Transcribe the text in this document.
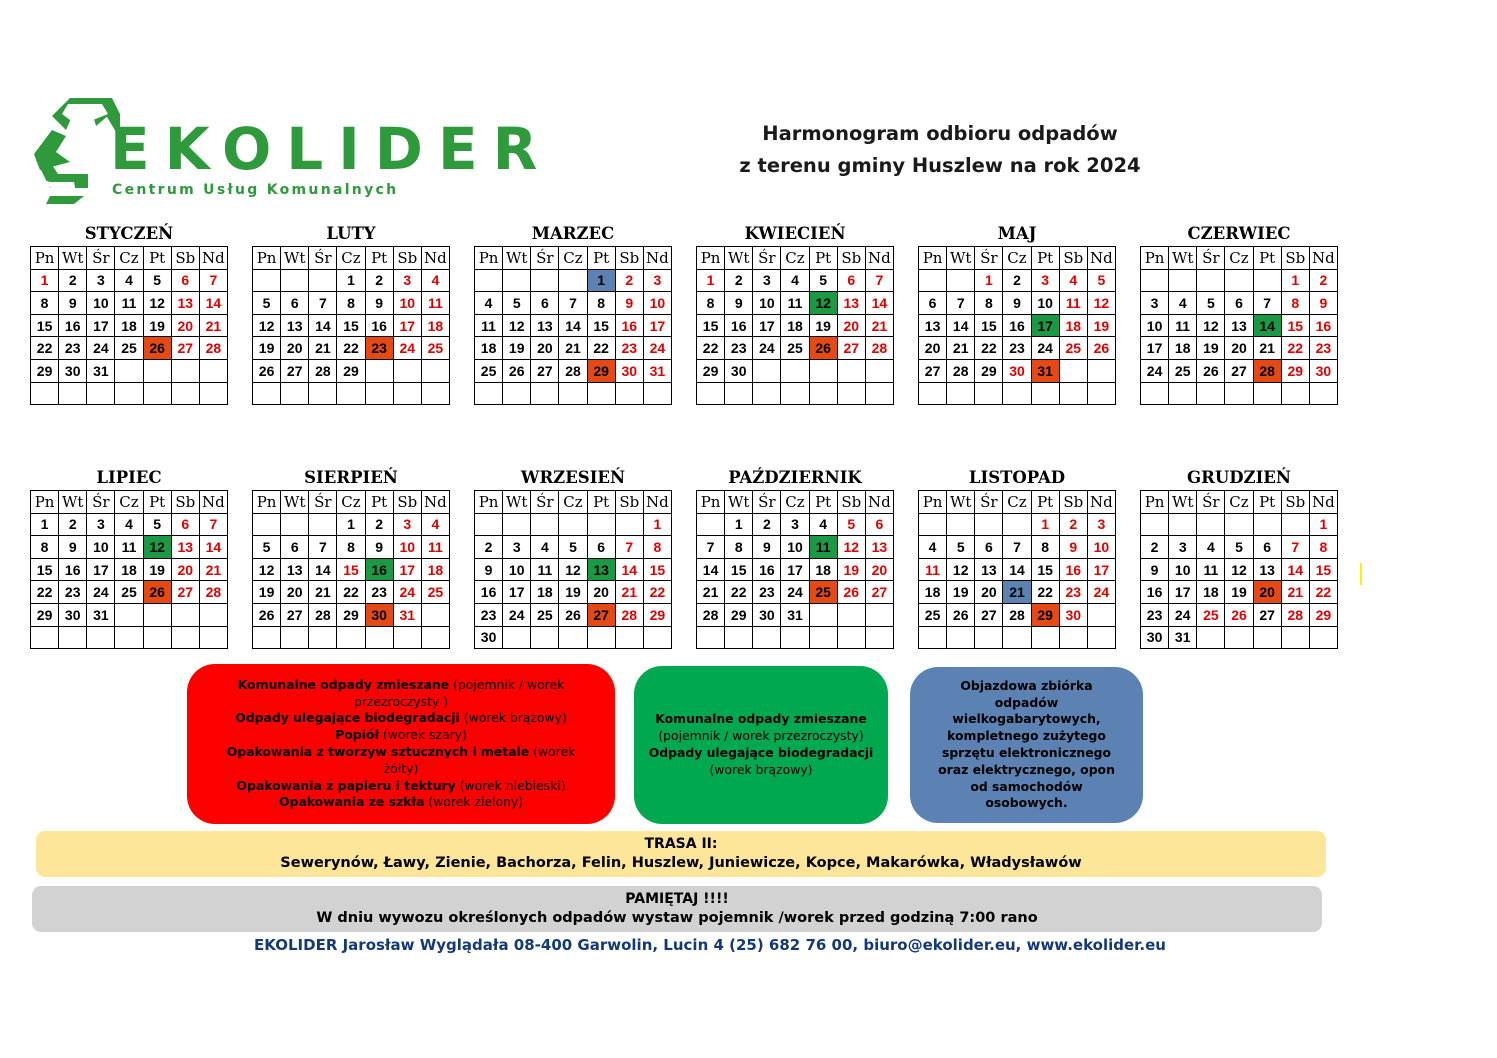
EKOLIDER
Centrum Usług Komunalnych
Harmonogram odbioru odpadów
z terenu gminy Huszlew na rok 2024
STYCZEŃ
Pn	Wt	Śr	Cz	Pt	Sb	Nd
1	2	3	4	5	6	7
8	9	10	11	12	13	14
15	16	17	18	19	20	21
22	23	24	25	26	27	28
29	30	31				

LUTY
Pn	Wt	Śr	Cz	Pt	Sb	Nd
			1	2	3	4
5	6	7	8	9	10	11
12	13	14	15	16	17	18
19	20	21	22	23	24	25
26	27	28	29			

MARZEC
Pn	Wt	Śr	Cz	Pt	Sb	Nd
				1	2	3
4	5	6	7	8	9	10
11	12	13	14	15	16	17
18	19	20	21	22	23	24
25	26	27	28	29	30	31

KWIECIEŃ
Pn	Wt	Śr	Cz	Pt	Sb	Nd
1	2	3	4	5	6	7
8	9	10	11	12	13	14
15	16	17	18	19	20	21
22	23	24	25	26	27	28
29	30					

MAJ
Pn	Wt	Śr	Cz	Pt	Sb	Nd
		1	2	3	4	5
6	7	8	9	10	11	12
13	14	15	16	17	18	19
20	21	22	23	24	25	26
27	28	29	30	31		

CZERWIEC
Pn	Wt	Śr	Cz	Pt	Sb	Nd
					1	2
3	4	5	6	7	8	9
10	11	12	13	14	15	16
17	18	19	20	21	22	23
24	25	26	27	28	29	30

LIPIEC
Pn	Wt	Śr	Cz	Pt	Sb	Nd
1	2	3	4	5	6	7
8	9	10	11	12	13	14
15	16	17	18	19	20	21
22	23	24	25	26	27	28
29	30	31				

SIERPIEŃ
Pn	Wt	Śr	Cz	Pt	Sb	Nd
			1	2	3	4
5	6	7	8	9	10	11
12	13	14	15	16	17	18
19	20	21	22	23	24	25
26	27	28	29	30	31	

WRZESIEŃ
Pn	Wt	Śr	Cz	Pt	Sb	Nd
						1
2	3	4	5	6	7	8
9	10	11	12	13	14	15
16	17	18	19	20	21	22
23	24	25	26	27	28	29
30						
PAŹDZIERNIK
Pn	Wt	Śr	Cz	Pt	Sb	Nd
	1	2	3	4	5	6
7	8	9	10	11	12	13
14	15	16	17	18	19	20
21	22	23	24	25	26	27
28	29	30	31			

LISTOPAD
Pn	Wt	Śr	Cz	Pt	Sb	Nd
				1	2	3
4	5	6	7	8	9	10
11	12	13	14	15	16	17
18	19	20	21	22	23	24
25	26	27	28	29	30	

GRUDZIEŃ
Pn	Wt	Śr	Cz	Pt	Sb	Nd
						1
2	3	4	5	6	7	8
9	10	11	12	13	14	15
16	17	18	19	20	21	22
23	24	25	26	27	28	29
30	31					
Komunalne odpady zmieszane (pojemnik / worek przezroczysty )
Odpady ulegające biodegradacji (worek brązowy)
Popiół (worek szary)
Opakowania z tworzyw sztucznych i metale (worek żółty)
Opakowania z papieru i tektury (worek niebieski)
Opakowania ze szkła (worek zielony)
Komunalne odpady zmieszane (pojemnik / worek przezroczysty)
Odpady ulegające biodegradacji (worek brązowy)
Objazdowa zbiórka odpadów wielkogabarytowych, kompletnego zużytego sprzętu elektronicznego oraz elektrycznego, opon od samochodów osobowych.
TRASA II:
Sewerynów, Ławy, Zienie, Bachorza, Felin, Huszlew, Juniewicze, Kopce, Makarówka, Władysławów
PAMIĘTAJ !!!!
W dniu wywozu określonych odpadów wystaw pojemnik /worek przed godziną 7:00 rano
EKOLIDER Jarosław Wyglądała 08-400 Garwolin, Lucin 4 (25) 682 76 00, biuro@ekolider.eu, www.ekolider.eu
